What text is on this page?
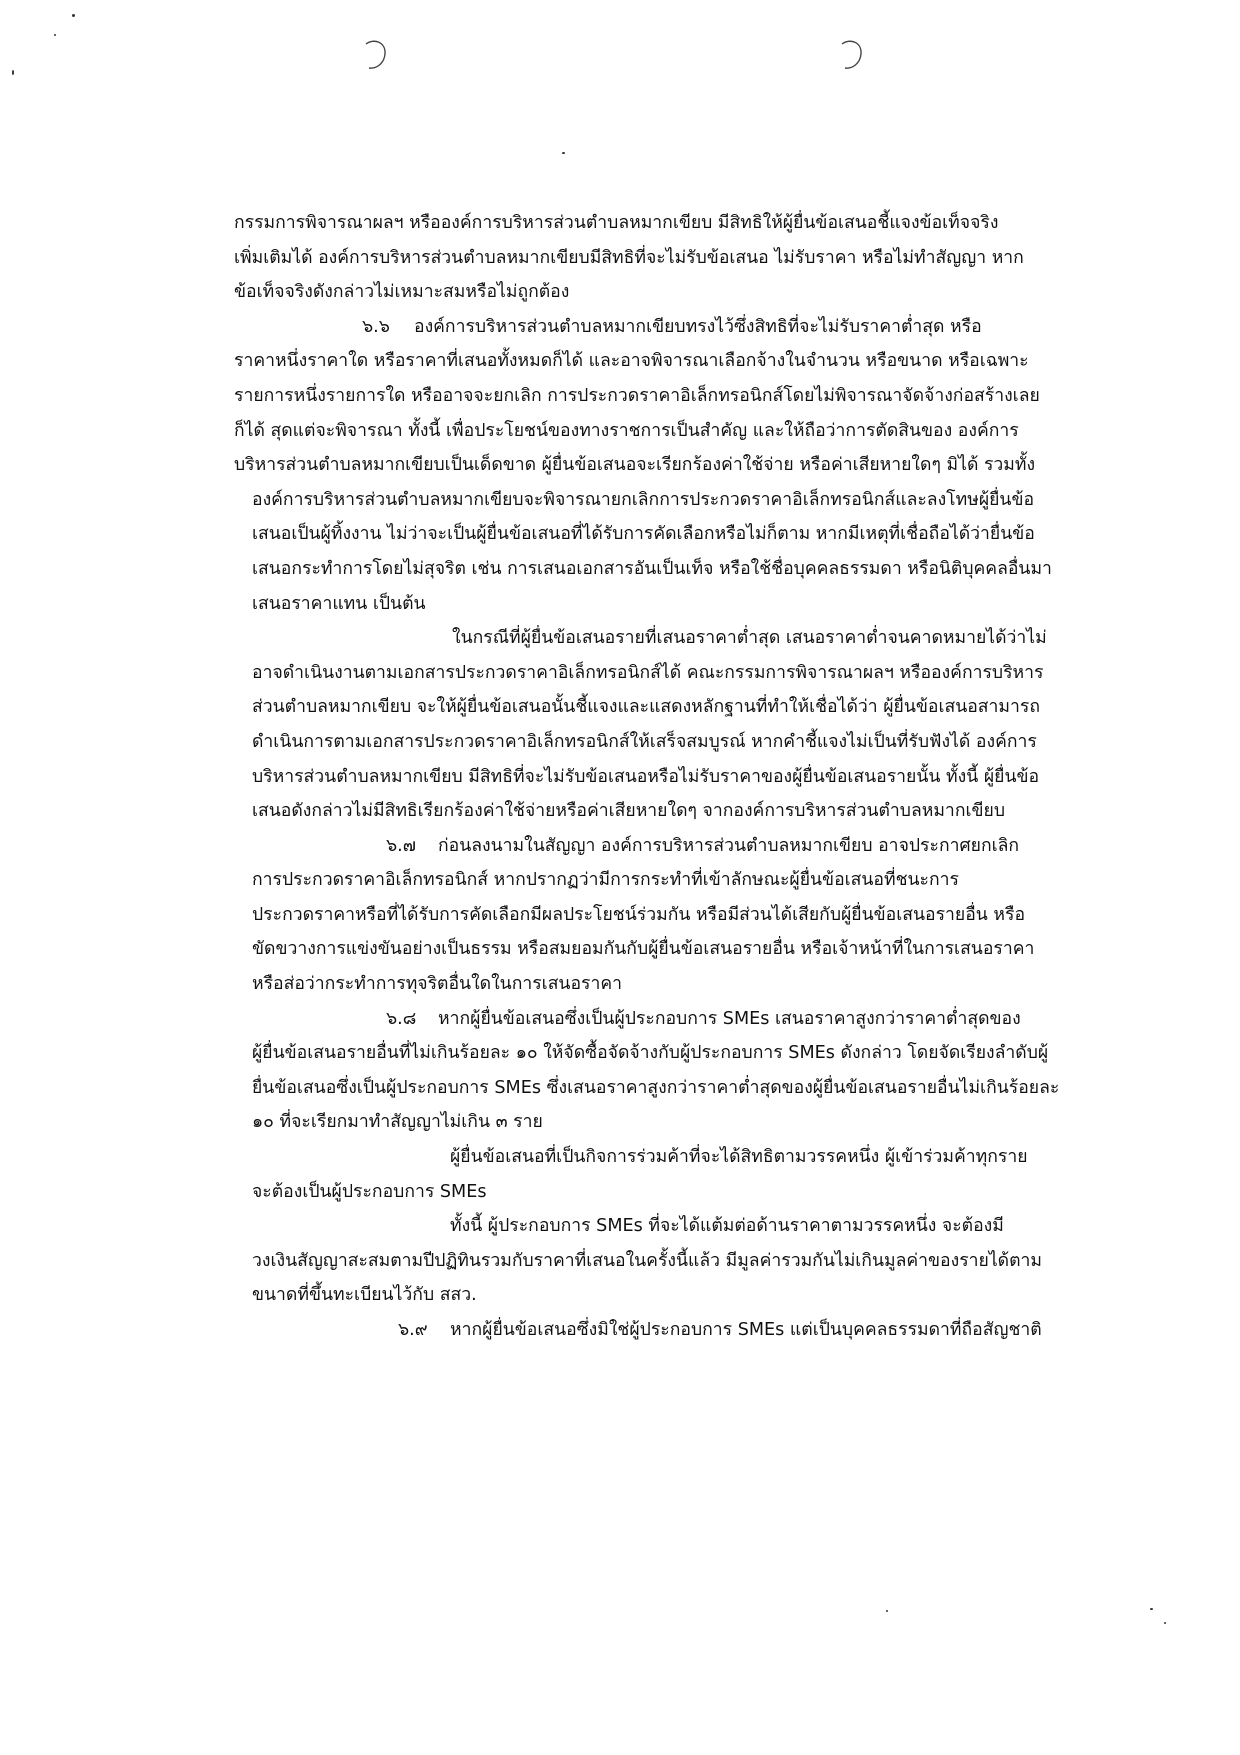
กรรมการพิจารณาผลฯ หรือองค์การบริหารส่วนตำบลหมากเขียบ มีสิทธิให้ผู้ยื่นข้อเสนอชี้แจงข้อเท็จจริง
เพิ่มเติมได้ องค์การบริหารส่วนตำบลหมากเขียบมีสิทธิที่จะไม่รับข้อเสนอ ไม่รับราคา หรือไม่ทำสัญญา หาก
ข้อเท็จจริงดังกล่าวไม่เหมาะสมหรือไม่ถูกต้อง
๖.๖ องค์การบริหารส่วนตำบลหมากเขียบทรงไว้ซึ่งสิทธิที่จะไม่รับราคาต่ำสุด หรือ
ราคาหนึ่งราคาใด หรือราคาที่เสนอทั้งหมดก็ได้ และอาจพิจารณาเลือกจ้างในจำนวน หรือขนาด หรือเฉพาะ
รายการหนึ่งรายการใด หรืออาจจะยกเลิก การประกวดราคาอิเล็กทรอนิกส์โดยไม่พิจารณาจัดจ้างก่อสร้างเลย
ก็ได้ สุดแต่จะพิจารณา ทั้งนี้ เพื่อประโยชน์ของทางราชการเป็นสำคัญ และให้ถือว่าการตัดสินของ องค์การ
บริหารส่วนตำบลหมากเขียบเป็นเด็ดขาด ผู้ยื่นข้อเสนอจะเรียกร้องค่าใช้จ่าย หรือค่าเสียหายใดๆ มิได้ รวมทั้ง
องค์การบริหารส่วนตำบลหมากเขียบจะพิจารณายกเลิกการประกวดราคาอิเล็กทรอนิกส์และลงโทษผู้ยื่นข้อ
เสนอเป็นผู้ทิ้งงาน ไม่ว่าจะเป็นผู้ยื่นข้อเสนอที่ได้รับการคัดเลือกหรือไม่ก็ตาม หากมีเหตุที่เชื่อถือได้ว่ายื่นข้อ
เสนอกระทำการโดยไม่สุจริต เช่น การเสนอเอกสารอันเป็นเท็จ หรือใช้ชื่อบุคคลธรรมดา หรือนิติบุคคลอื่นมา
เสนอราคาแทน เป็นต้น
ในกรณีที่ผู้ยื่นข้อเสนอรายที่เสนอราคาต่ำสุด เสนอราคาต่ำจนคาดหมายได้ว่าไม่
อาจดำเนินงานตามเอกสารประกวดราคาอิเล็กทรอนิกส์ได้ คณะกรรมการพิจารณาผลฯ หรือองค์การบริหาร
ส่วนตำบลหมากเขียบ จะให้ผู้ยื่นข้อเสนอนั้นชี้แจงและแสดงหลักฐานที่ทำให้เชื่อได้ว่า ผู้ยื่นข้อเสนอสามารถ
ดำเนินการตามเอกสารประกวดราคาอิเล็กทรอนิกส์ให้เสร็จสมบูรณ์ หากคำชี้แจงไม่เป็นที่รับฟังได้ องค์การ
บริหารส่วนตำบลหมากเขียบ มีสิทธิที่จะไม่รับข้อเสนอหรือไม่รับราคาของผู้ยื่นข้อเสนอรายนั้น ทั้งนี้ ผู้ยื่นข้อ
เสนอดังกล่าวไม่มีสิทธิเรียกร้องค่าใช้จ่ายหรือค่าเสียหายใดๆ จากองค์การบริหารส่วนตำบลหมากเขียบ
๖.๗ ก่อนลงนามในสัญญา องค์การบริหารส่วนตำบลหมากเขียบ อาจประกาศยกเลิก
การประกวดราคาอิเล็กทรอนิกส์ หากปรากฏว่ามีการกระทำที่เข้าลักษณะผู้ยื่นข้อเสนอที่ชนะการ
ประกวดราคาหรือที่ได้รับการคัดเลือกมีผลประโยชน์ร่วมกัน หรือมีส่วนได้เสียกับผู้ยื่นข้อเสนอรายอื่น หรือ
ขัดขวางการแข่งขันอย่างเป็นธรรม หรือสมยอมกันกับผู้ยื่นข้อเสนอรายอื่น หรือเจ้าหน้าที่ในการเสนอราคา
หรือส่อว่ากระทำการทุจริตอื่นใดในการเสนอราคา
๖.๘ หากผู้ยื่นข้อเสนอซึ่งเป็นผู้ประกอบการ SMEs เสนอราคาสูงกว่าราคาต่ำสุดของ
ผู้ยื่นข้อเสนอรายอื่นที่ไม่เกินร้อยละ ๑๐ ให้จัดซื้อจัดจ้างกับผู้ประกอบการ SMEs ดังกล่าว โดยจัดเรียงลำดับผู้
ยื่นข้อเสนอซึ่งเป็นผู้ประกอบการ SMEs ซึ่งเสนอราคาสูงกว่าราคาต่ำสุดของผู้ยื่นข้อเสนอรายอื่นไม่เกินร้อยละ
๑๐ ที่จะเรียกมาทำสัญญาไม่เกิน ๓ ราย
ผู้ยื่นข้อเสนอที่เป็นกิจการร่วมค้าที่จะได้สิทธิตามวรรคหนึ่ง ผู้เข้าร่วมค้าทุกราย
จะต้องเป็นผู้ประกอบการ SMEs
ทั้งนี้ ผู้ประกอบการ SMEs ที่จะได้แต้มต่อด้านราคาตามวรรคหนึ่ง จะต้องมี
วงเงินสัญญาสะสมตามปีปฏิทินรวมกับราคาที่เสนอในครั้งนี้แล้ว มีมูลค่ารวมกันไม่เกินมูลค่าของรายได้ตาม
ขนาดที่ขึ้นทะเบียนไว้กับ สสว.
๖.๙ หากผู้ยื่นข้อเสนอซึ่งมิใช่ผู้ประกอบการ SMEs แต่เป็นบุคคลธรรมดาที่ถือสัญชาติ
